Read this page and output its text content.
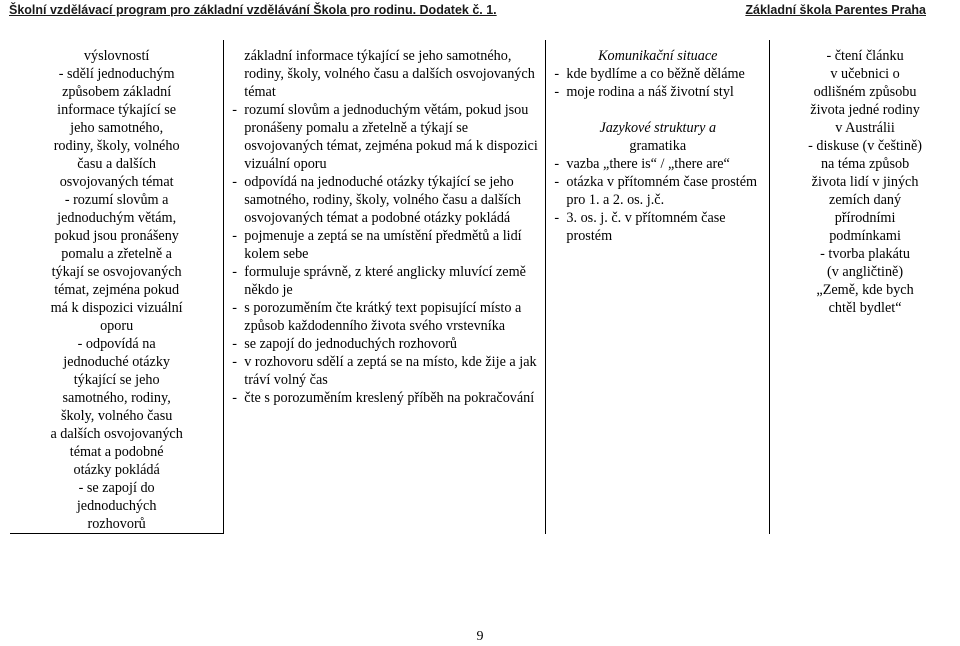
Školní vzdělávací program pro základní vzdělávání Škola pro rodinu. Dodatek č. 1.	Základní škola Parentes Praha
výslovností
- sdělí jednoduchým
způsobem základní
informace týkající se
jeho samotného,
rodiny, školy, volného
času a dalších
osvojovaných témat
- rozumí slovům a
jednoduchým větám,
pokud jsou pronášeny
pomalu a zřetelně a
týkají se osvojovaných
témat, zejména pokud
má k dispozici vizuální
oporu
- odpovídá na
jednoduché otázky
týkající se jeho
samotného, rodiny,
školy, volného času
a dalších osvojovaných
témat a podobné
otázky pokládá
- se zapojí do
jednoduchých
rozhovorů

základní informace týkající se jeho samotného, rodiny, školy, volného času a dalších osvojovaných témat
- rozumí slovům a jednoduchým větám, pokud jsou pronášeny pomalu a zřetelně a týkají se osvojovaných témat, zejména pokud má k dispozici vizuální oporu
- odpovídá na jednoduché otázky týkající se jeho samotného, rodiny, školy, volného času a dalších osvojovaných témat a podobné otázky pokládá
- pojmenuje a zeptá se na umístění předmětů a lidí kolem sebe
- formuluje správně, z které anglicky mluvící země někdo je
- s porozuměním čte krátký text popisující místo a způsob každodenního života svého vrstevníka
- se zapojí do jednoduchých rozhovorů
- v rozhovoru sdělí a zeptá se na místo, kde žije a jak tráví volný čas
- čte s porozuměním kreslený příběh na pokračování

Komunikační situace
- kde bydlíme a co běžně děláme
- moje rodina a náš životní styl
Jazykové struktury a
gramatika
- vazba „there is“ / „there are“
- otázka v přítomném čase prostém pro 1. a 2. os. j.č.
- 3. os. j. č. v přítomném čase prostém

- čtení článku
v učebnici o
odlišném způsobu
života jedné rodiny
v Austrálii
- diskuse (v češtině)
na téma způsob
života lidí v jiných
zemích daný
přírodními
podmínkami
- tvorba plakátu
(v angličtině)
„Země, kde bych
chtěl bydlet“
9
